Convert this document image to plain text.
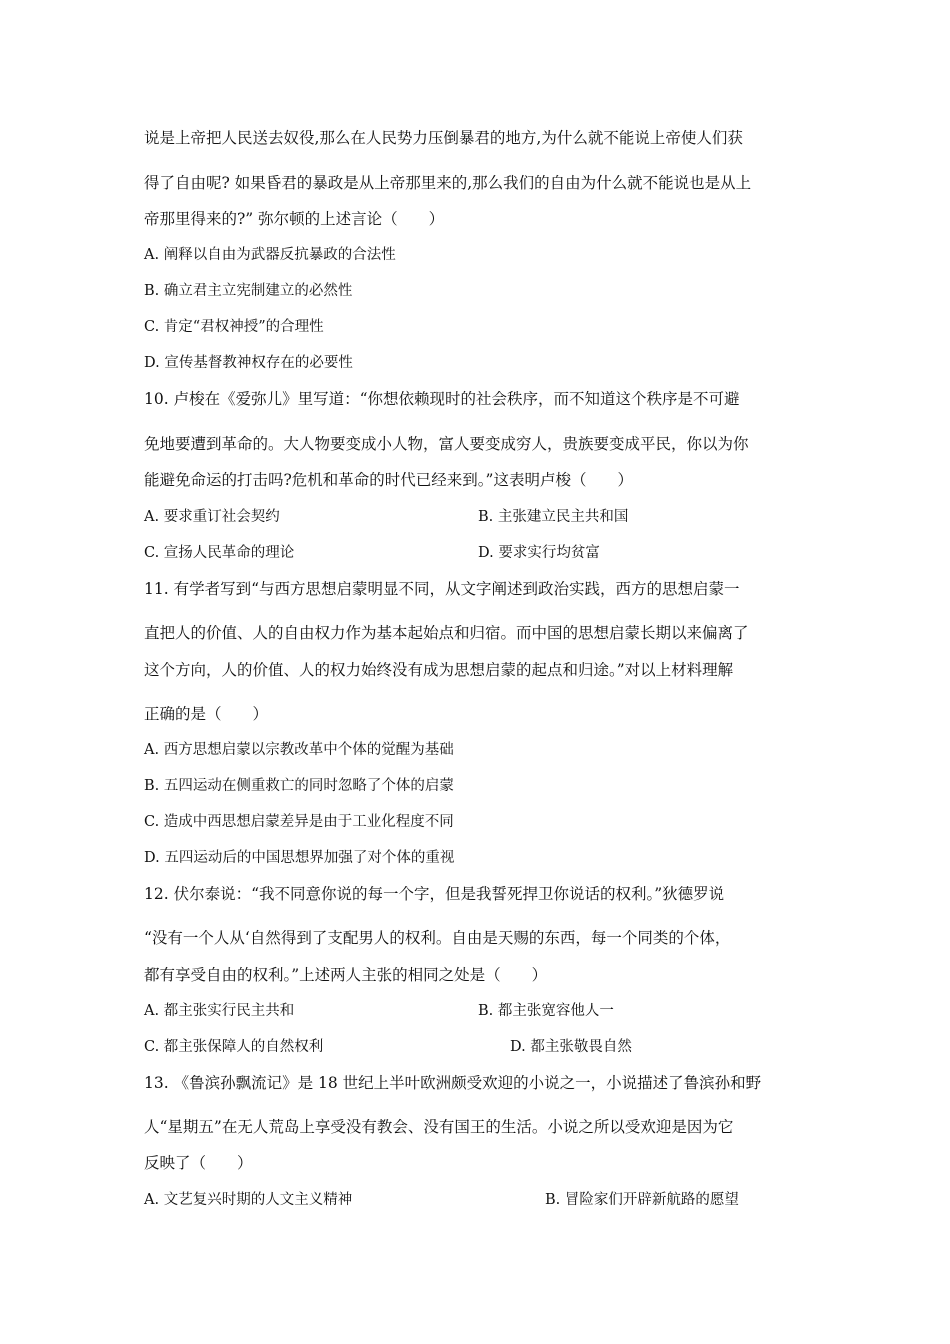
说是上帝把人民送去奴役,那么在人民势力压倒暴君的地方,为什么就不能说上帝使人们获
得了自由呢? 如果昏君的暴政是从上帝那里来的,那么我们的自由为什么就不能说也是从上
帝那里得来的?” 弥尔顿的上述言论（　　）
A. 阐释以自由为武器反抗暴政的合法性
B. 确立君主立宪制建立的必然性
C. 肯定“君权神授”的合理性
D. 宣传基督教神权存在的必要性
10. 卢梭在《爱弥儿》里写道：“你想依赖现时的社会秩序，而不知道这个秩序是不可避
免地要遭到革命的。大人物要变成小人物，富人要变成穷人，贵族要变成平民，你以为你
能避免命运的打击吗?危机和革命的时代已经来到。”这表明卢梭（　　）
A. 要求重订社会契约	B. 主张建立民主共和国
C. 宣扬人民革命的理论	D. 要求实行均贫富
11. 有学者写到“与西方思想启蒙明显不同，从文字阐述到政治实践，西方的思想启蒙一
直把人的价值、人的自由权力作为基本起始点和归宿。而中国的思想启蒙长期以来偏离了
这个方向，人的价值、人的权力始终没有成为思想启蒙的起点和归途。”对以上材料理解
正确的是（　　）
A. 西方思想启蒙以宗教改革中个体的觉醒为基础
B. 五四运动在侧重救亡的同时忽略了个体的启蒙
C. 造成中西思想启蒙差异是由于工业化程度不同
D. 五四运动后的中国思想界加强了对个体的重视
12. 伏尔泰说：“我不同意你说的每一个字，但是我誓死捍卫你说话的权利。”狄德罗说
“没有一个人从‘自然得到了支配男人的权利。自由是天赐的东西，每一个同类的个体，
都有享受自由的权利。”上述两人主张的相同之处是（　　）
A. 都主张实行民主共和	B. 都主张宽容他人一
C. 都主张保障人的自然权利	D. 都主张敬畏自然
13. 《鲁滨孙飘流记》是 18 世纪上半叶欧洲颇受欢迎的小说之一，小说描述了鲁滨孙和野
人“星期五”在无人荒岛上享受没有教会、没有国王的生活。小说之所以受欢迎是因为它
反映了（　　）
A. 文艺复兴时期的人文主义精神	B. 冒险家们开辟新航路的愿望
